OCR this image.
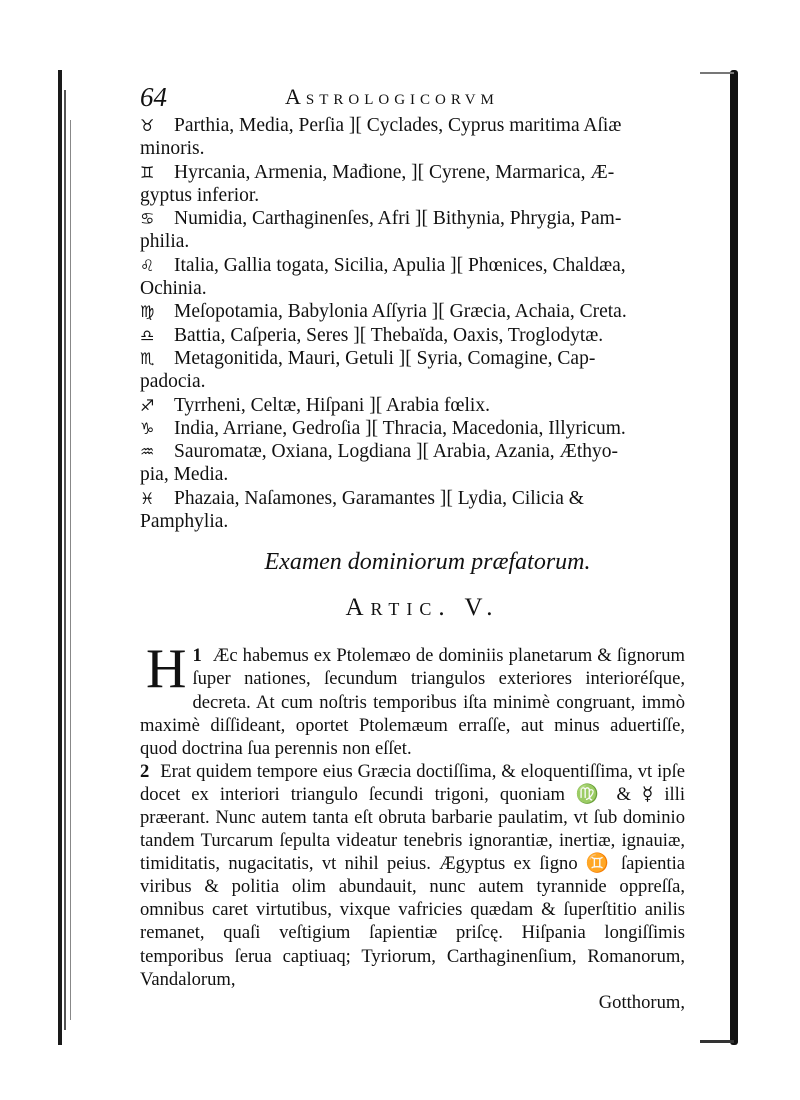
64	Astrologicorvm
♉ Parthia, Media, Perſia ][ Cyclades, Cyprus maritima Aſiæ
minoris.
♊ Hyrcania, Armenia, Mađione, ][ Cyrene, Marmarica, Æ-
gyptus inferior.
♋ Numidia, Carthaginenſes, Afri ][ Bithynia, Phrygia, Pam-
philia.
♌ Italia, Gallia togata, Sicilia, Apulia ][ Phœnices, Chaldæa,
Ochinia.
♍ Meſopotamia, Babylonia Aſſyria ][ Græcia, Achaia, Creta.
♎ Battia, Caſperia, Seres ][ Thebaïda, Oaxis, Troglodytæ.
♏ Metagonitida, Mauri, Getuli ][ Syria, Comagine, Cap-
padocia.
♐ Tyrrheni, Celtæ, Hiſpani ][ Arabia fœlix.
♑ India, Arriane, Gedroſia ][ Thracia, Macedonia, Illyricum.
♒ Sauromatæ, Oxiana, Logdiana ][ Arabia, Azania, Æthyo-
pia, Media.
♓ Phazaia, Naſamones, Garamantes ][ Lydia, Cilicia &
Pamphylia.
Examen dominiorum præfatorum.
Artic. V.

1
H Æc habemus ex Ptolemæo de dominiis planetarum & ſignorum ſuper nationes, ſecundum triangulos exteriores interioréſque, decreta. At cum noſtris temporibus iſta minimè congruant, immò maximè diſſideant, oportet Ptolemæum erraſſe, aut minus aduertiſſe, quod doctrina ſua perennis non eſſet.

2 Erat quidem tempore eius Græcia doctiſſima, & eloquentiſſima, vt ipſe docet ex interiori triangulo ſecundi trigoni, quoniam ♍ & ☿ illi præerant. Nunc autem tanta eſt obruta barbarie paulatim, vt ſub dominio tandem Turcarum ſepulta videatur tenebris ignorantiæ, inertiæ, ignauiæ, timiditatis, nugacitatis, vt nihil peius. Ægyptus ex ſigno ♊ ſapientia viribus & politia olim abundauit, nunc autem tyrannide oppreſſa, omnibus caret virtutibus, vixque vafricies quædam & ſuperſtitio anilis remanet, quaſi veſtigium ſapientiæ priſcę. Hiſpania longiſſimis temporibus ſerua captiuaq; Tyriorum, Carthaginenſium, Romanorum, Vandalorum,

Gotthorum,
